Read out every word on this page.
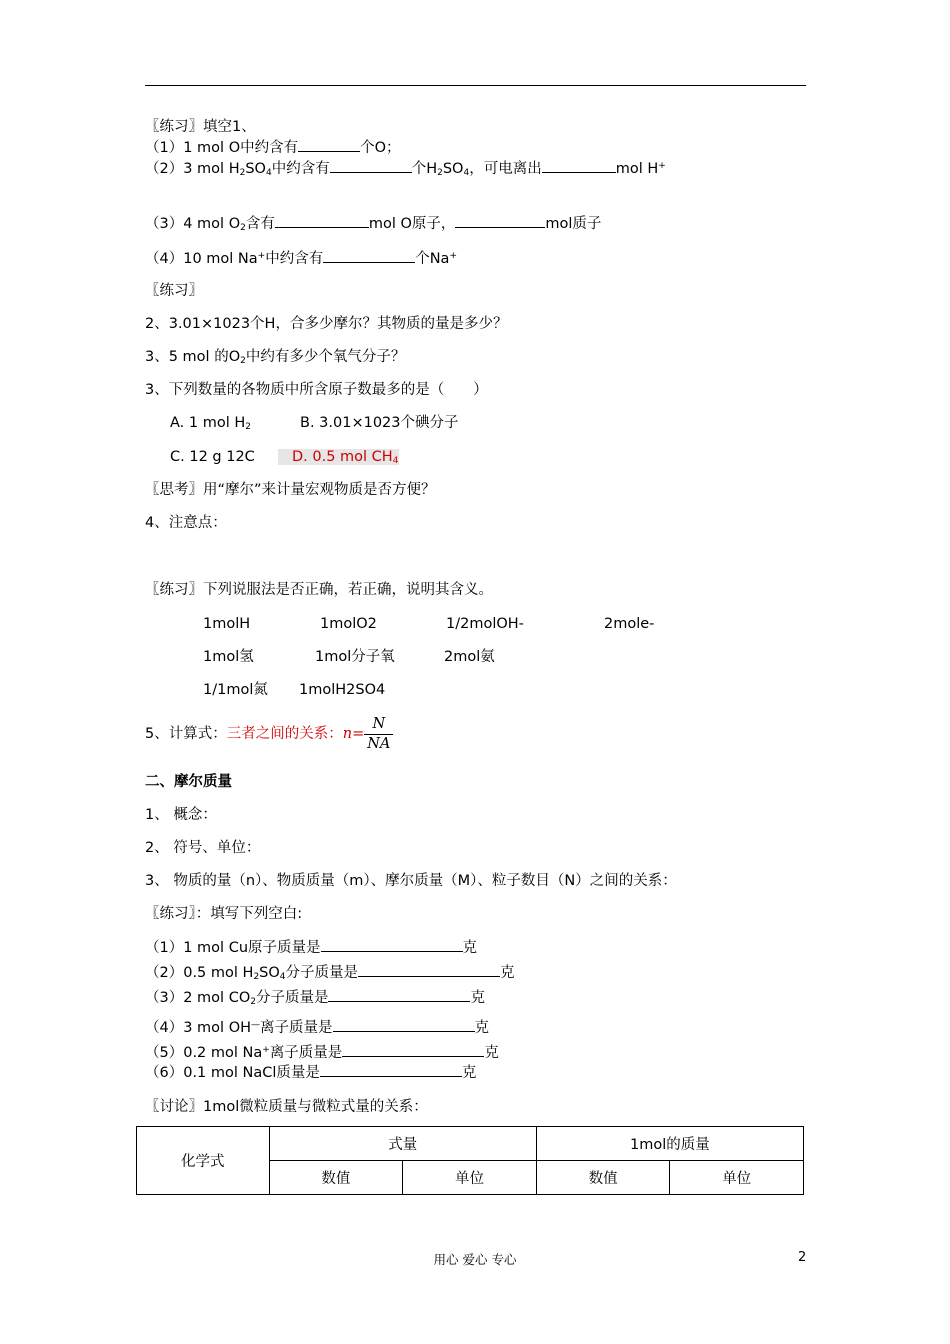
〖练习〗填空1、
（1）1 mol O中约含有	个O；
（2）3 mol $H_2SO_4$中约含有	个$H_2SO_4$，可电离出	mol H+
（3）4 mol $O_2$含有	mol O原子，	mol质子
（4）10 mol Na+中约含有	个Na+
〖练习〗
2、3.01×1023个H，合多少摩尔？其物质的量是多少？
3、5 mol 的$O_2$中约有多少个氧气分子？
3、下列数量的各物质中所含原子数最多的是（　　）
A. 1 mol $H_2$	B. 3.01×1023个碘分子
C. 12 g 12C	D. 0.5 mol $CH_4$
〖思考〗用“摩尔”来计量宏观物质是否方便？
4、注意点：
〖练习〗下列说服法是否正确，若正确，说明其含义。
1molH	1molO2	1/2molOH-	2mole-
1mol氢	1mol分子氧	2mol氨
1/1mol氮 1molH2SO4
5、计算式：三者之间的关系：$n= \frac{N}{NA}$
二、摩尔质量
1、 概念：
2、 符号、单位：
3、 物质的量（n）、物质质量（m）、摩尔质量（M）、粒子数目（N）之间的关系：
〖练习〗：填写下列空白:
（1）1 mol Cu原子质量是	克
（2）0.5 mol $H_2SO_4$分子质量是	克
（3）2 mol $CO_2$分子质量是	克
（4）3 mol OH—离子质量是	克
（5）0.2 mol Na+离子质量是	克
（6）0.1 mol NaCl质量是	克
〖讨论〗1mol微粒质量与微粒式量的关系：
化学式	式量		1mol的质量	
	数值	单位	数值	单位
用心 爱心 专心	2
